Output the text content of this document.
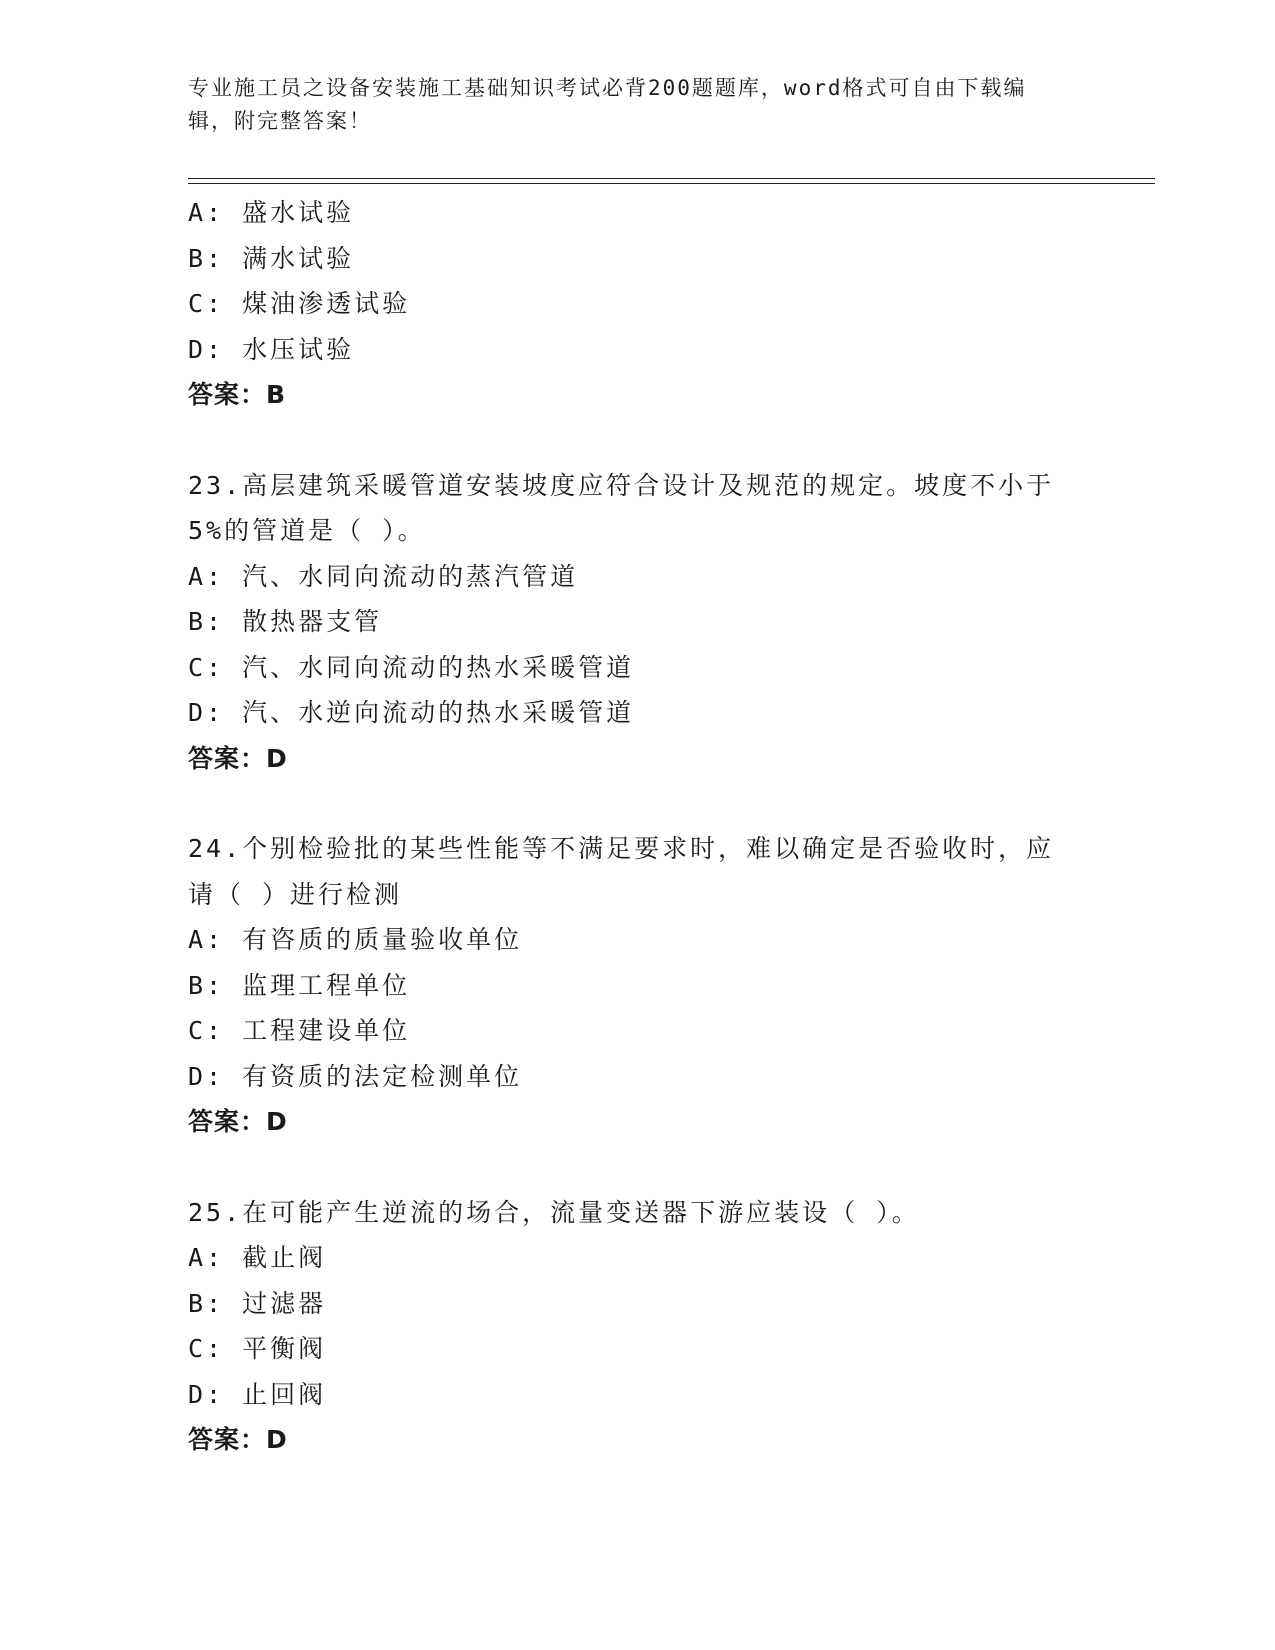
专业施工员之设备安装施工基础知识考试必背200题题库，word格式可自由下载编辑，附完整答案！
A: 盛水试验
B: 满水试验
C: 煤油渗透试验
D: 水压试验
答案：B
23.高层建筑采暖管道安装坡度应符合设计及规范的规定。坡度不小于
5%的管道是（ ）。
A: 汽、水同向流动的蒸汽管道
B: 散热器支管
C: 汽、水同向流动的热水采暖管道
D: 汽、水逆向流动的热水采暖管道
答案：D
24.个别检验批的某些性能等不满足要求时，难以确定是否验收时，应
请（ ）进行检测
A: 有咨质的质量验收单位
B: 监理工程单位
C: 工程建设单位
D: 有资质的法定检测单位
答案：D
25.在可能产生逆流的场合，流量变送器下游应装设（ ）。
A: 截止阀
B: 过滤器
C: 平衡阀
D: 止回阀
答案：D
